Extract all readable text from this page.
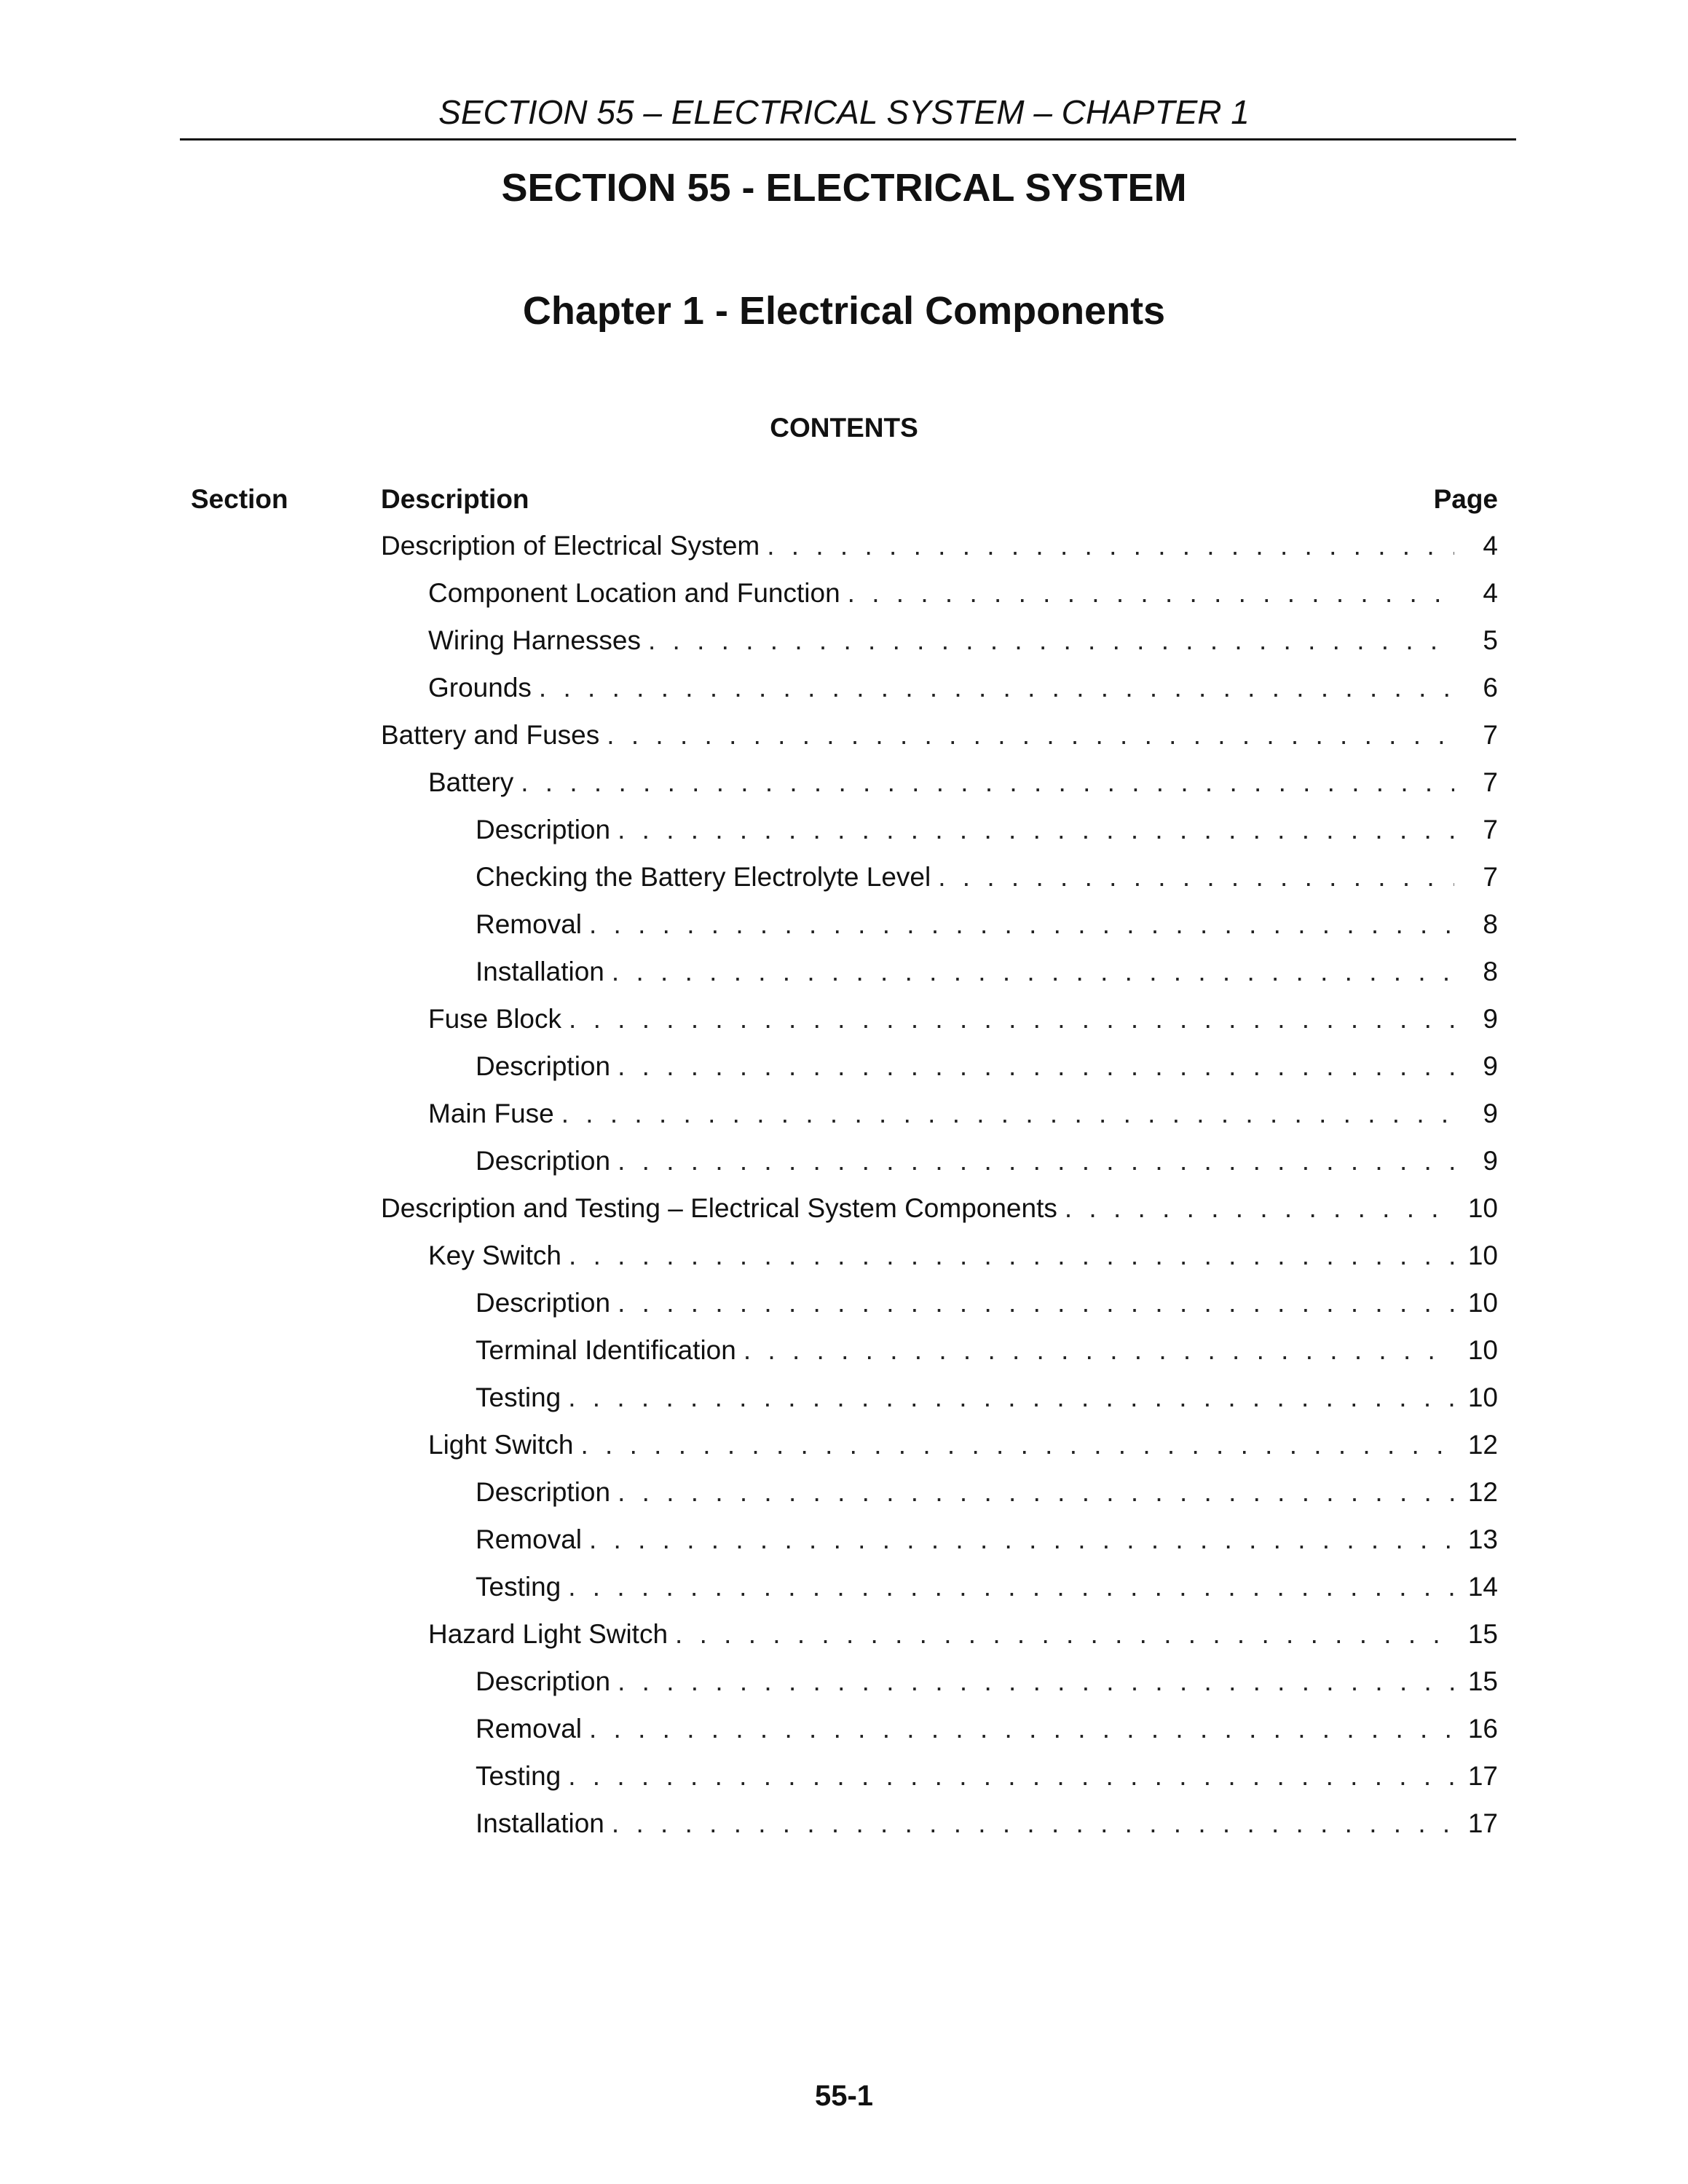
SECTION 55 – ELECTRICAL SYSTEM – CHAPTER 1
SECTION 55 - ELECTRICAL SYSTEM
Chapter 1 - Electrical Components
CONTENTS
Section	Description	Page
Description of Electrical System . . .	4
Component Location and Function . . .	4
Wiring Harnesses . . .	5
Grounds . . .	6
Battery and Fuses . . .	7
Battery . . .	7
Description . . .	7
Checking the Battery Electrolyte Level . . .	7
Removal . . .	8
Installation . . .	8
Fuse Block . . .	9
Description . . .	9
Main Fuse . . .	9
Description . . .	9
Description and Testing – Electrical System Components . . .	10
Key Switch . . .	10
Description . . .	10
Terminal Identification . . .	10
Testing . . .	10
Light Switch . . .	12
Description . . .	12
Removal . . .	13
Testing . . .	14
Hazard Light Switch . . .	15
Description . . .	15
Removal . . .	16
Testing . . .	17
Installation . . .	17
55-1
